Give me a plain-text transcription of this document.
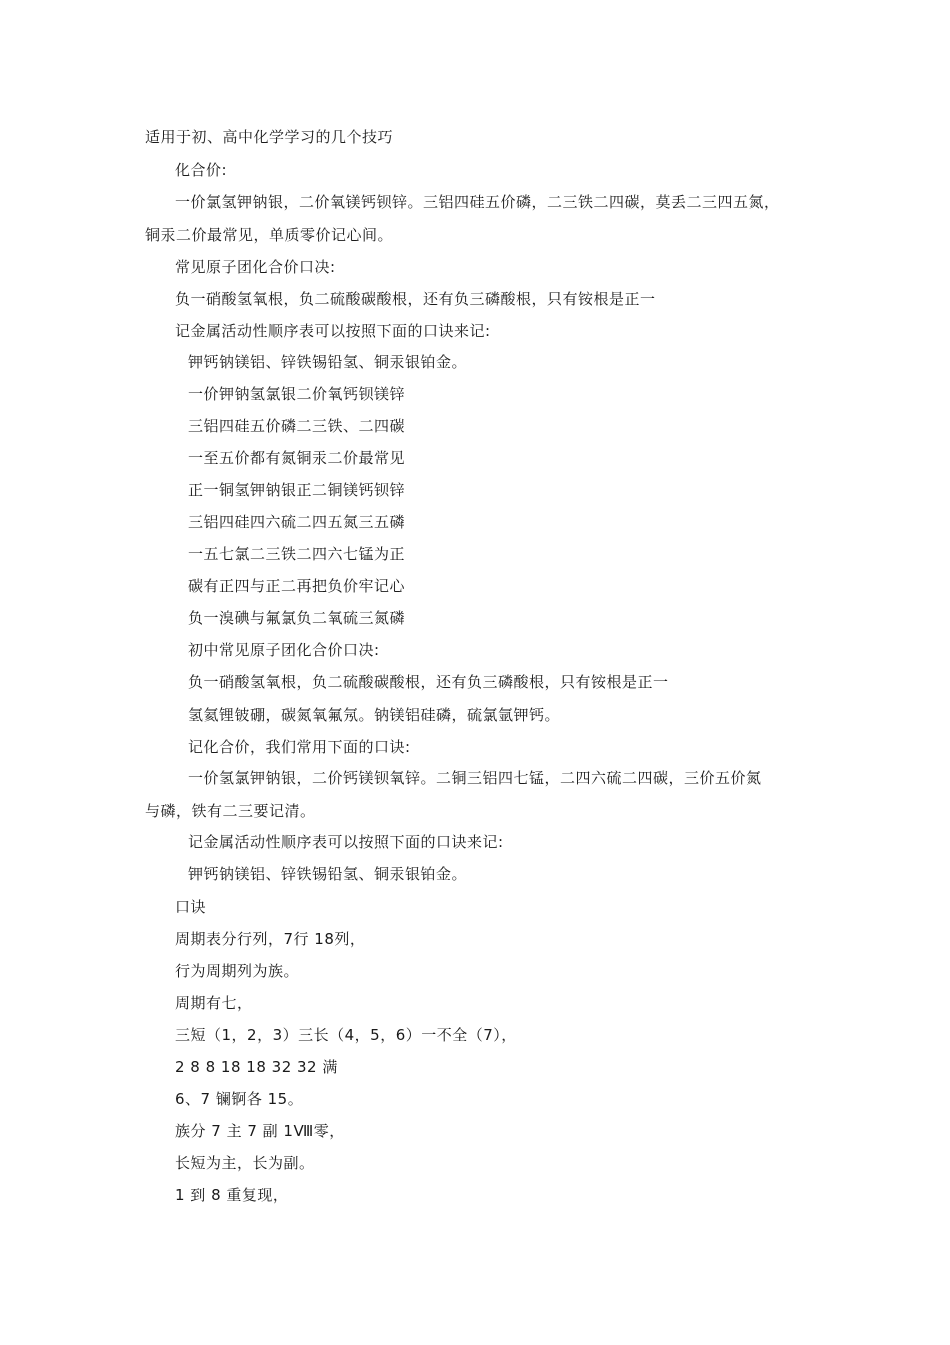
适用于初、高中化学学习的几个技巧
化合价:
一价氯氢钾钠银，二价氧镁钙钡锌。三铝四硅五价磷，二三铁二四碳，莫丢二三四五氮，
铜汞二价最常见，单质零价记心间。
常见原子团化合价口决:
负一硝酸氢氧根，负二硫酸碳酸根，还有负三磷酸根，只有铵根是正一
记金属活动性顺序表可以按照下面的口诀来记:
钾钙钠镁铝、锌铁锡铅氢、铜汞银铂金。
一价钾钠氢氯银二价氧钙钡镁锌
三铝四硅五价磷二三铁、二四碳
一至五价都有氮铜汞二价最常见
正一铜氢钾钠银正二铜镁钙钡锌
三铝四硅四六硫二四五氮三五磷
一五七氯二三铁二四六七锰为正
碳有正四与正二再把负价牢记心
负一溴碘与氟氯负二氧硫三氮磷
初中常见原子团化合价口决:
负一硝酸氢氧根，负二硫酸碳酸根，还有负三磷酸根，只有铵根是正一
氢氦锂铍硼，碳氮氧氟氖。钠镁铝硅磷，硫氯氩钾钙。
记化合价，我们常用下面的口诀:
一价氢氯钾钠银，二价钙镁钡氧锌。二铜三铝四七锰，二四六硫二四碳，三价五价氮
与磷，铁有二三要记清。
记金属活动性顺序表可以按照下面的口诀来记:
钾钙钠镁铝、锌铁锡铅氢、铜汞银铂金。
口诀
周期表分行列，7行 18列，
行为周期列为族。
周期有七，
三短（1，2，3）三长（4，5，6）一不全（7），
2 8 8 18 18 32 32 满
6、7 镧锕各 15。
族分 7 主 7 副 1Ⅷ零，
长短为主，长为副。
1 到 8 重复现，
